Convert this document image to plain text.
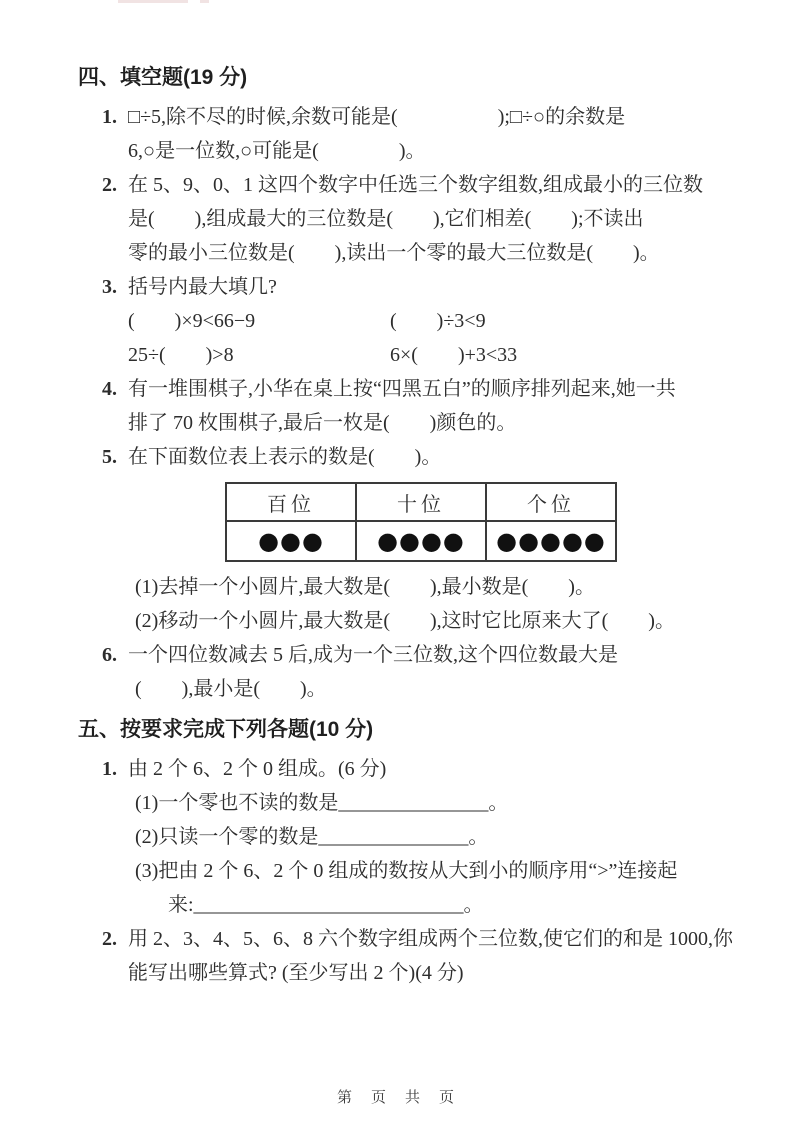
四、填空题(19 分)
1. □÷5,除不尽的时候,余数可能是(　　　　　);□÷○的余数是
6,○是一位数,○可能是(　　　　)。
2. 在 5、9、0、1 这四个数字中任选三个数字组数,组成最小的三位数
是(　　),组成最大的三位数是(　　),它们相差(　　);不读出
零的最小三位数是(　　),读出一个零的最大三位数是(　　)。
3. 括号内最大填几?
(　　)×9<66−9	(　　)÷3<9
25÷(　　)>8	6×(　　)+3<33
4. 有一堆围棋子,小华在桌上按“四黑五白”的顺序排列起来,她一共
排了 70 枚围棋子,最后一枚是(　　)颜色的。
5. 在下面数位表上表示的数是(　　)。
百位	十位	个位
●●●	●●●●	●●●●●
(1)去掉一个小圆片,最大数是(　　),最小数是(　　)。
(2)移动一个小圆片,最大数是(　　),这时它比原来大了(　　)。
6. 一个四位数减去 5 后,成为一个三位数,这个四位数最大是
(　　),最小是(　　)。
五、按要求完成下列各题(10 分)
1. 由 2 个 6、2 个 0 组成。(6 分)
(1)一个零也不读的数是_______________。
(2)只读一个零的数是_______________。
(3)把由 2 个 6、2 个 0 组成的数按从大到小的顺序用“>”连接起
来:___________________________。
2. 用 2、3、4、5、6、8 六个数字组成两个三位数,使它们的和是 1000,你
能写出哪些算式? (至少写出 2 个)(4 分)
第　页　共　页
